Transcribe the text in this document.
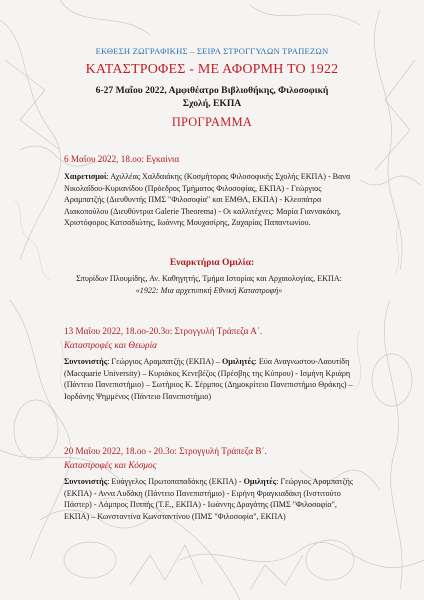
ΕΚΘΕΣΗ ΖΩΓΡΑΦΙΚΗΣ – ΣΕΙΡΑ ΣΤΡΟΓΓΥΛΩΝ ΤΡΑΠΕΖΩΝ
ΚΑΤΑΣΤΡΟΦΕΣ - ΜΕ ΑΦΟΡΜΗ ΤΟ 1922
6-27 Μαΐου 2022, Αμφιθέατρο Βιβλιοθήκης, Φιλοσοφική
Σχολή, ΕΚΠΑ
ΠΡΟΓΡΑΜΜΑ
6 Μαΐου 2022, 18.οο: Εγκαίνια
Χαιρετισμοί: Αχιλλέας Χαλδαιάκης (Κοσμήτορας Φιλοσοφικής Σχολής ΕΚΠΑ) - Βανα Νικολαΐδου-Κυριανίδου (Πρόεδρος Τμήματος Φιλοσοφίας, ΕΚΠΑ) - Γεώργιος Αραμπατζής (Διευθυντής ΠΜΣ "Φιλοσοφία" και ΕΜΘΛ, ΕΚΠΑ) - Κλεοπάτρα Λιακοπούλου (Διευθύντρια Galerie Theorema) - Οι καλλιτέχνες: Μαρία Γιαννακάκη, Χριστόφορος Κατσαδιώτης, Ιωάννης Μουχασίρης, Ζαχαρίας Παπαντωνίου.
Εναρκτήρια Ομιλία:
Σπυρίδων Πλουμίδης, Αν. Καθηγητής, Τμήμα Ιστορίας και Αρχαιολογίας, ΕΚΠΑ: «1922: Μια αρχετυπική Εθνική Καταστροφή»
13 Μαΐου 2022, 18.οο-20.3ο: Στρογγυλή Τράπεζα Α΄.
Καταστροφές και Θεωρία
Συντονιστής: Γεώργιος Αραμπατζής (ΕΚΠΑ) – Ομιλητές: Εύα Αναγνωστου-Λαουτίδη (Macquarie University) – Κυριάκος Κενεβέζος (Πρέσβης της Κύπρου) - Ισμήνη Κριάρη (Πάντειο Πανεπιστήμιο) – Σωτήριος Κ. Σέρμπος (Δημοκρίτειο Πανεπιστήμιο Θράκης) – Ιορδάνης Ψημμένος (Πάντειο Πανεπιστήμιο)
20 Μαΐου 2022, 18.οο - 20.3ο: Στρογγυλή Τράπεζα Β΄.
Καταστροφές και Κόσμος
Συντονιστής: Ευάγγελος Πρωτοπαπαδάκης (ΕΚΠΑ) - Ομιλητές: Γεώργιος Αραμπατζής (ΕΚΠΑ) - Αννα Λυδάκη (Πάντειο Πανεπιστήμιο) - Ειρήνη Φραγκιαδάκη (Ινστιτούτο Πάστερ) - Λάμπρος Πιππής (Τ.Ε., ΕΚΠΑ) - Ιωάννης Δραγάτης (ΠΜΣ "Φιλοσοφία", ΕΚΠΑ) – Κωνσταντίνα Κωνσταντίνου (ΠΜΣ "Φιλοσοφία", ΕΚΠΑ)
